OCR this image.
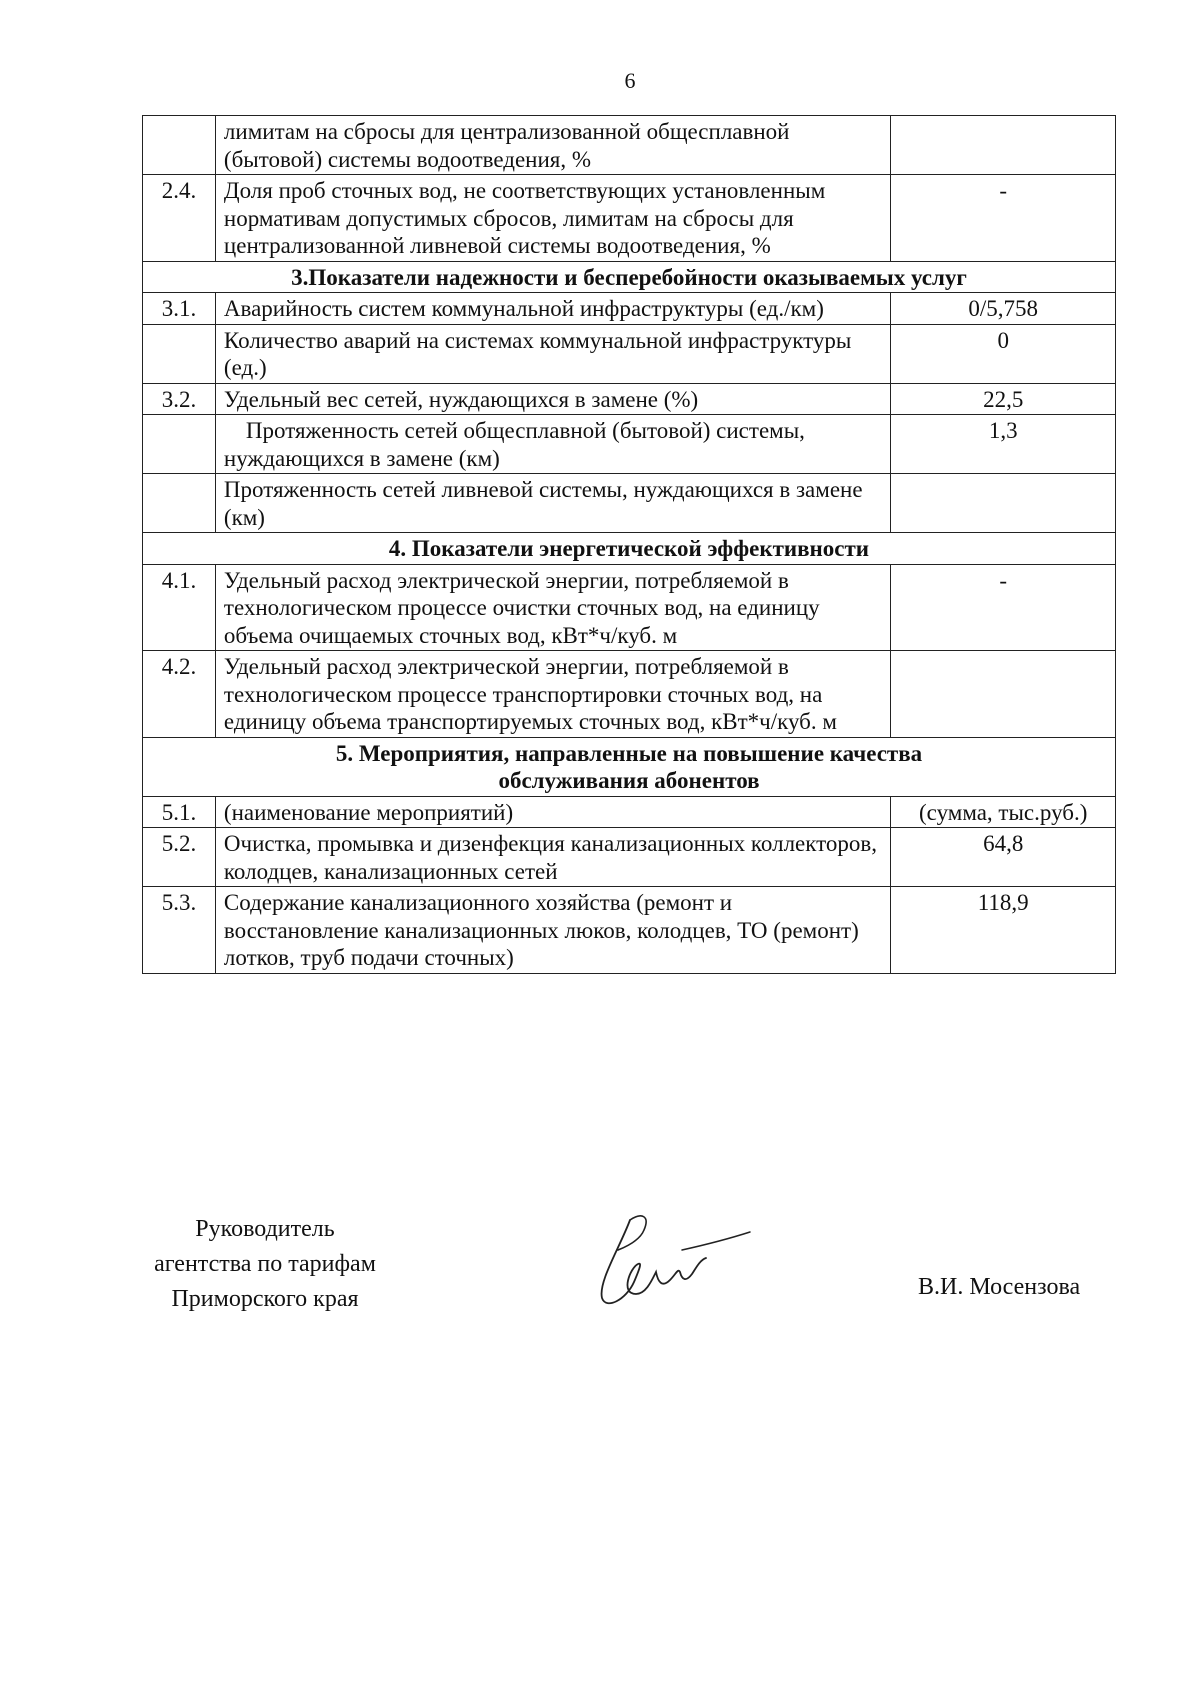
6
	лимитам на сбросы для централизованной общесплавной (бытовой) системы водоотведения, %	
2.4.	Доля проб сточных вод, не соответствующих установленным нормативам допустимых сбросов, лимитам на сбросы для централизованной ливневой системы водоотведения, %	-
3.Показатели надежности и бесперебойности оказываемых услуг		
3.1.	Аварийность систем коммунальной инфраструктуры (ед./км)	0/5,758
	Количество аварий на системах коммунальной инфраструктуры (ед.)	0
3.2.	Удельный вес сетей, нуждающихся в замене (%)	22,5
	Протяженность сетей общесплавной (бытовой) системы, нуждающихся в замене (км)	1,3
	Протяженность сетей ливневой системы, нуждающихся в замене (км)	
4. Показатели энергетической эффективности		
4.1.	Удельный расход электрической энергии, потребляемой в технологическом процессе очистки сточных вод, на единицу объема очищаемых сточных вод, кВт*ч/куб. м	-
4.2.	Удельный расход электрической энергии, потребляемой в технологическом процессе транспортировки сточных вод, на единицу объема транспортируемых сточных вод, кВт*ч/куб. м	
5. Мероприятия, направленные на повышение качества обслуживания абонентов		
5.1.	(наименование мероприятий)	(сумма, тыс.руб.)
5.2.	Очистка, промывка и дизенфекция канализационных коллекторов, колодцев, канализационных сетей	64,8
5.3.	Содержание канализационного хозяйства (ремонт и восстановление канализационных люков, колодцев, ТО (ремонт) лотков, труб подачи сточных)	118,9
Руководитель
агентства по тарифам
Приморского края	В.И. Мосензова
